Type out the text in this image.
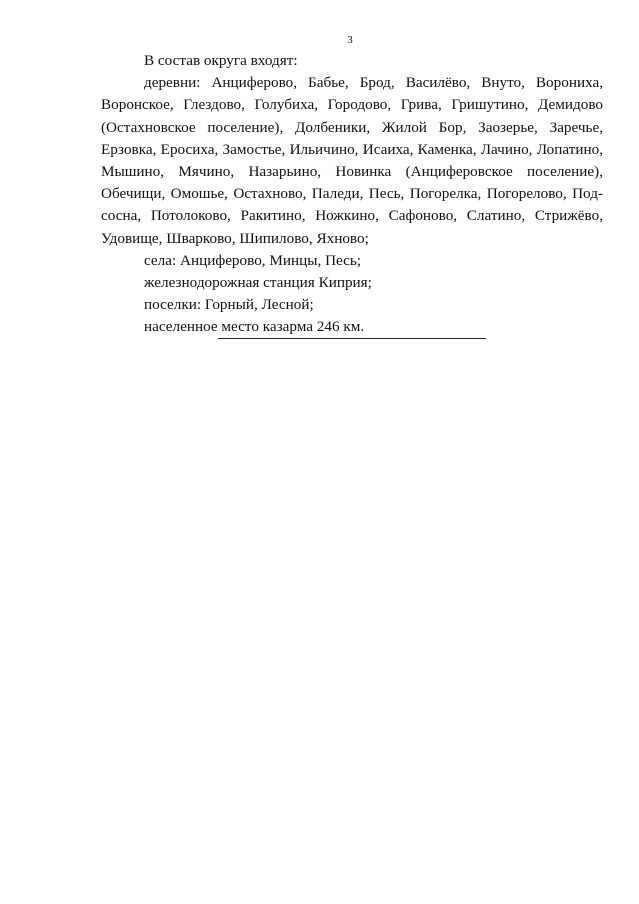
3

В состав округа входят:

деревни: Анциферово, Бабье, Брод, Василёво, Внуто, Ворониха, Воронское, Глездово, Голубиха, Городово, Грива, Гришутино, Демидово (Остахновское поселение), Долбеники, Жилой Бор, Заозерье, Заречье, Ерзовка, Еросиха, Замостье, Ильичино, Исаиха, Каменка, Лачино, Лопатино, Мышино, Мячино, Назарьино, Новинка (Анциферовское поселение), Обечищи, Омошье, Остахново, Паледи, Песь, Погорелка, Погорелово, Подсосна, Потолоково, Ракитино, Ножкино, Сафоново, Слатино, Стрижёво, Удовище, Шварково, Шипилово, Яхново;

села: Анциферово, Минцы, Песь;

железнодорожная станция Киприя;

поселки: Горный, Лесной;

населенное место казарма 246 км.
